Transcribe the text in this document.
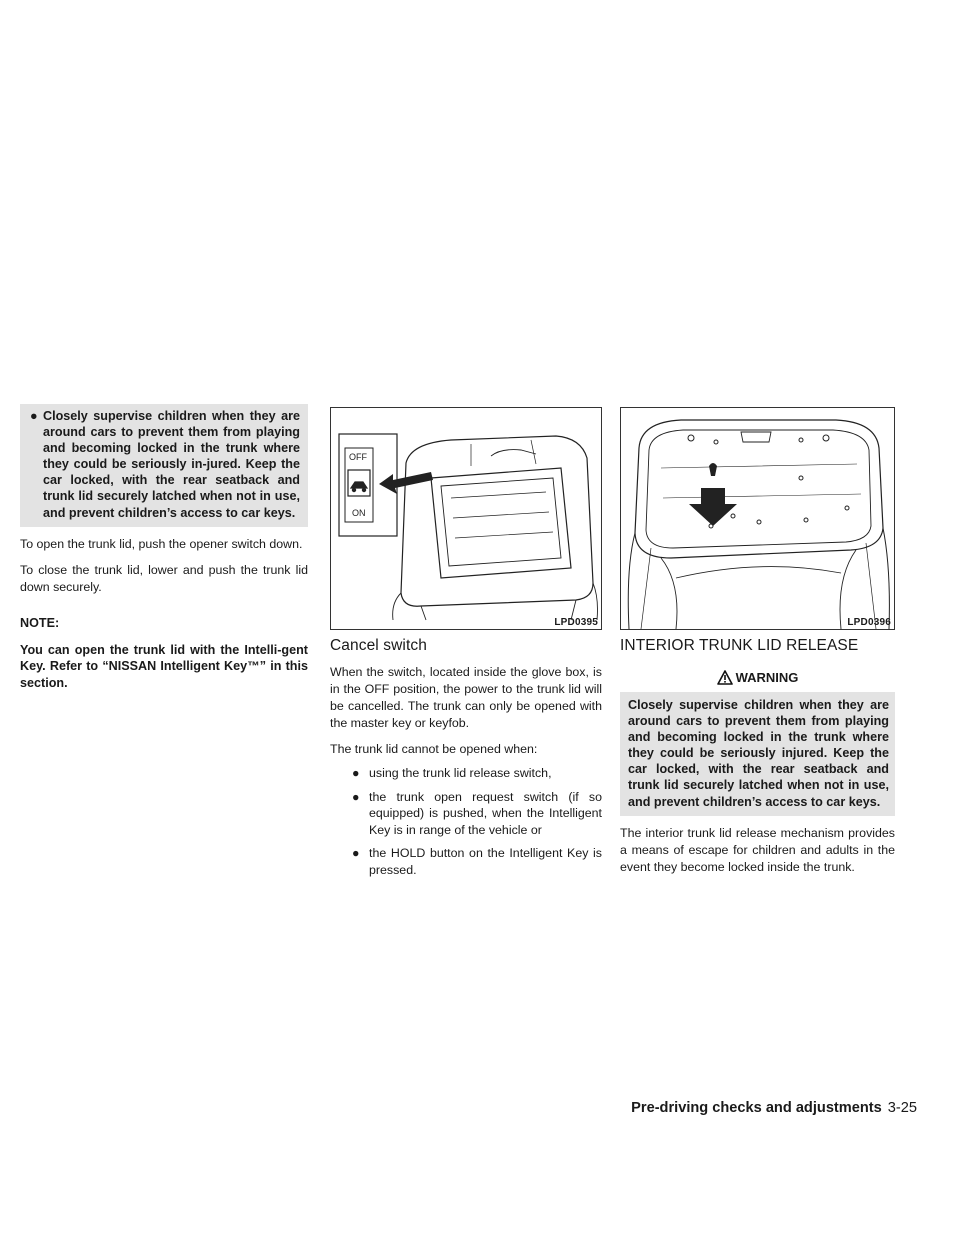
● Closely supervise children when they are around cars to prevent them from playing and becoming locked in the trunk where they could be seriously in-jured. Keep the car locked, with the rear seatback and trunk lid securely latched when not in use, and prevent children’s access to car keys.

To open the trunk lid, push the opener switch down.

To close the trunk lid, lower and push the trunk lid down securely.

NOTE:

You can open the trunk lid with the Intelli-gent Key. Refer to “NISSAN Intelligent Key™” in this section.

OFF
ON
LPD0395
Cancel switch

When the switch, located inside the glove box, is in the OFF position, the power to the trunk lid will be cancelled. The trunk can only be opened with the master key or keyfob.

The trunk lid cannot be opened when:

● using the trunk lid release switch,
● the trunk open request switch (if so equipped) is pushed, when the Intelligent Key is in range of the vehicle or
● the HOLD button on the Intelligent Key is pressed.
LPD0396
INTERIOR TRUNK LID RELEASE
WARNING
Closely supervise children when they are around cars to prevent them from playing and becoming locked in the trunk where they could be seriously injured. Keep the car locked, with the rear seatback and trunk lid securely latched when not in use, and prevent children’s access to car keys.

The interior trunk lid release mechanism provides a means of escape for children and adults in the event they become locked inside the trunk.

Pre-driving checks and adjustments 3-25
